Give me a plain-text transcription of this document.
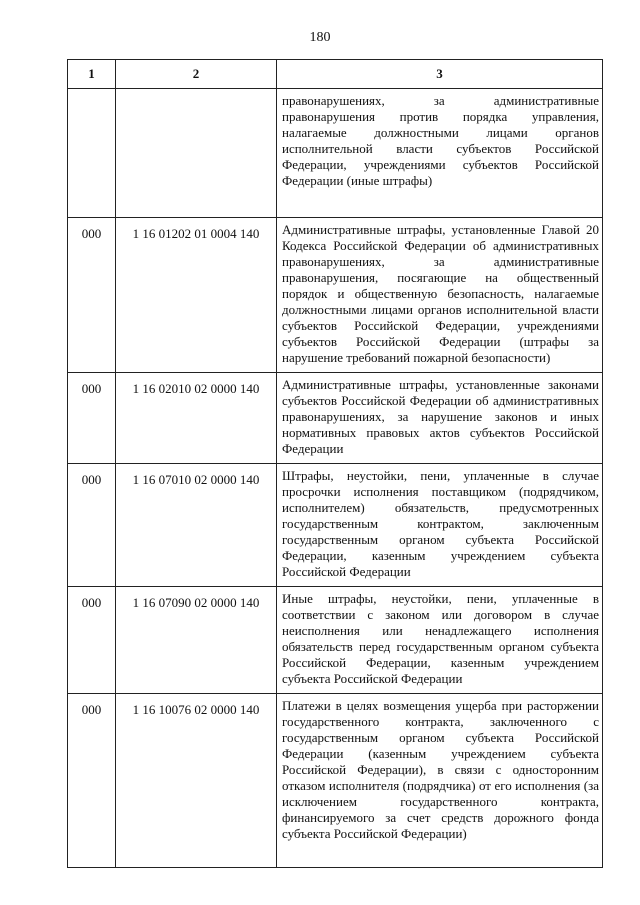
180
1	2	3
		правонарушениях, за административные правонарушения против порядка управления, налагаемые должностными лицами органов исполнительной власти субъектов Российской Федерации, учреждениями субъектов Российской Федерации (иные штрафы)
000	1 16 01202 01 0004 140	Административные штрафы, установленные Главой 20 Кодекса Российской Федерации об административных правонарушениях, за административные правонарушения, посягающие на общественный порядок и общественную безопасность, налагаемые должностными лицами органов исполнительной власти субъектов Российской Федерации, учреждениями субъектов Российской Федерации (штрафы за нарушение требований пожарной безопасности)
000	1 16 02010 02 0000 140	Административные штрафы, установленные законами субъектов Российской Федерации об административных правонарушениях, за нарушение законов и иных нормативных правовых актов субъектов Российской Федерации
000	1 16 07010 02 0000 140	Штрафы, неустойки, пени, уплаченные в случае просрочки исполнения поставщиком (подрядчиком, исполнителем) обязательств, предусмотренных государственным контрактом, заключенным государственным органом субъекта Российской Федерации, казенным учреждением субъекта Российской Федерации
000	1 16 07090 02 0000 140	Иные штрафы, неустойки, пени, уплаченные в соответствии с законом или договором в случае неисполнения или ненадлежащего исполнения обязательств перед государственным органом субъекта Российской Федерации, казенным учреждением субъекта Российской Федерации
000	1 16 10076 02 0000 140	Платежи в целях возмещения ущерба при расторжении государственного контракта, заключенного с государственным органом субъекта Российской Федерации (казенным учреждением субъекта Российской Федерации), в связи с односторонним отказом исполнителя (подрядчика) от его исполнения (за исключением государственного контракта, финансируемого за счет средств дорожного фонда субъекта Российской Федерации)
